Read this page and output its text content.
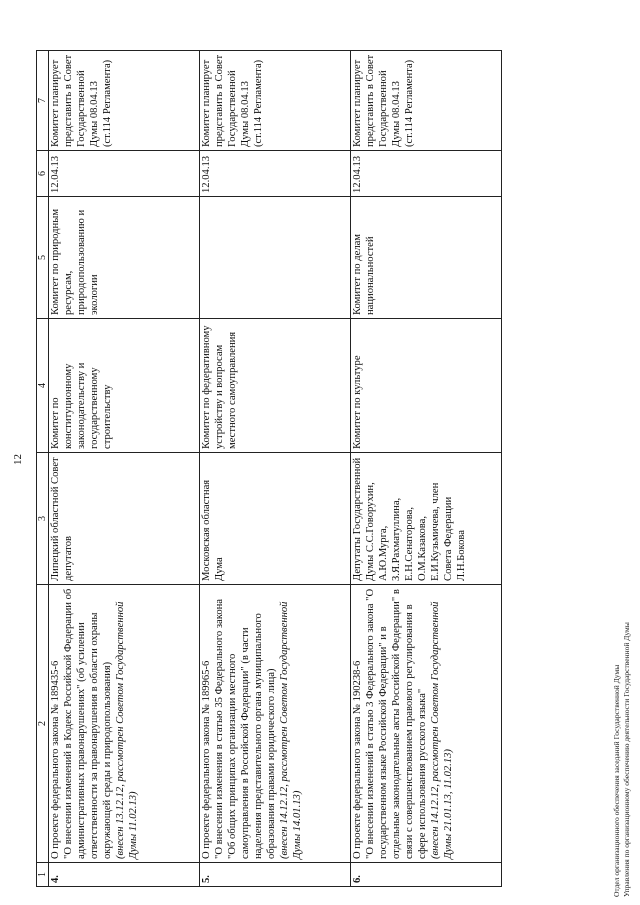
12
1	2	3	4	5	6	7
4.	О проекте федерального закона № 189435-6 "О внесении изменений в Кодекс Российской Федерации об административных правонарушениях" (об усилении ответственности за правонарушения в области охраны окружающей среды и природопользования) (внесен 13.12.12, рассмотрен Советом Государственной Думы 11.02.13)	Липецкий областной Совет депутатов	Комитет по конституционному законодательству и государственному строительству	Комитет по природным ресурсам, природопользованию и экологии	12.04.13	Комитет планирует представить в Совет Государственной Думы 08.04.13 (ст.114 Регламента)
5.	О проекте федерального закона № 189965-6 "О внесении изменения в статью 35 Федерального закона "Об общих принципах организации местного самоуправления в Российской Федерации" (в части наделения представительного органа муниципального образования правами юридического лица) (внесен 14.12.12, рассмотрен Советом Государственной Думы 14.01.13)	Московская областная Дума	Комитет по федеративному устройству и вопросам местного самоуправления		12.04.13	Комитет планирует представить в Совет Государственной Думы 08.04.13 (ст.114 Регламента)
6.	О проекте федерального закона № 190238-6 "О внесении изменений в статью 3 Федерального закона "О государственном языке Российской Федерации" и в отдельные законодательные акты Российской Федерации" в связи с совершенствованием правового регулирования в сфере использования русского языка" (внесен 14.12.12, рассмотрен Советом Государственной Думы 21.01.13, 11.02.13)	Депутаты Государственной Думы С.С.Говорухин, А.Ю.Мурга, З.Я.Рахматуллина, Е.Н.Сенаторова, О.М.Казакова, Е.И.Кузьмичева, член Совета Федерации Л.Н.Бокова	Комитет по культуре	Комитет по делам национальностей	12.04.13	Комитет планирует представить в Совет Государственной Думы 08.04.13 (ст.114 Регламента)
Отдел организационного обеспечения заседаний Государственной Думы Управления по организационному обеспечению деятельности Государственной Думы
